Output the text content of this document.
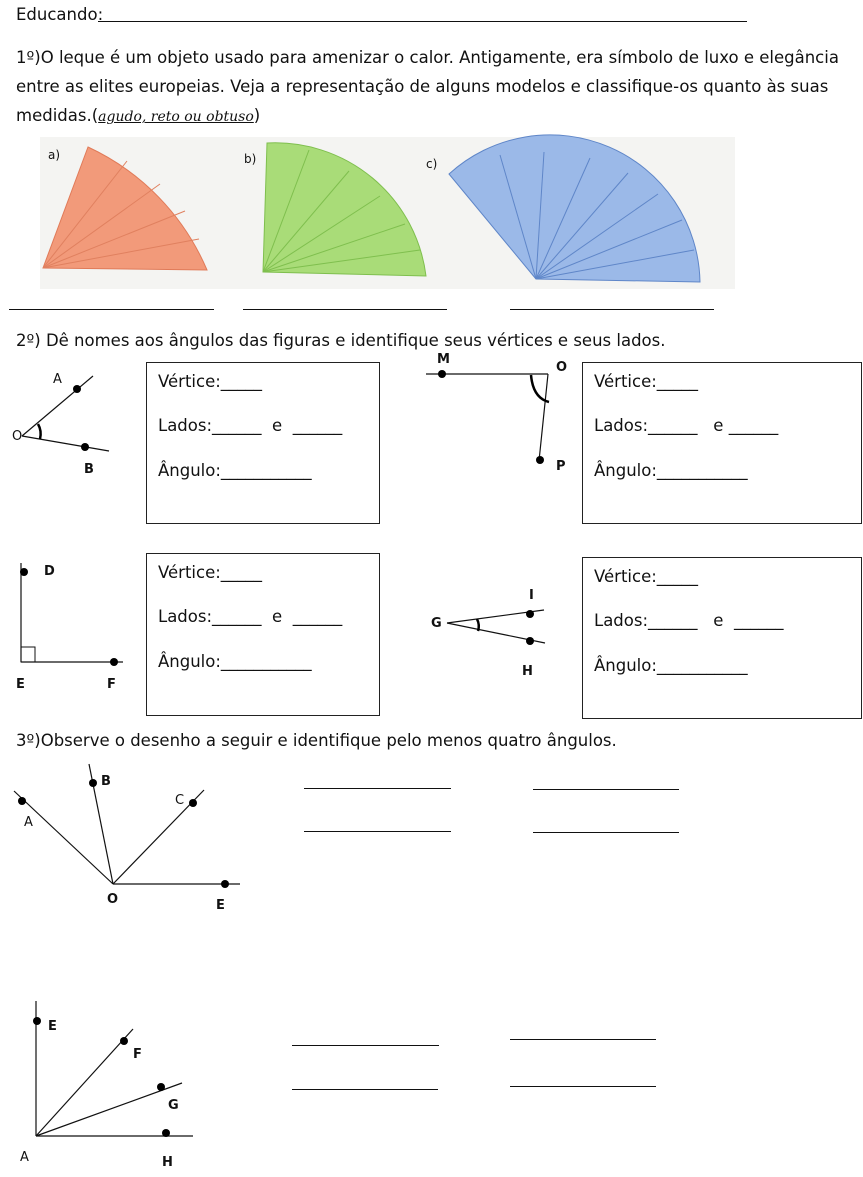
Educando:
1º)O leque é um objeto usado para amenizar o calor. Antigamente, era símbolo de luxo e elegância
entre as elites europeias. Veja a representação de alguns modelos e classifique-os quanto às suas
medidas.(agudo, reto ou obtuso)
a)	b)	c)
2º) Dê nomes aos ângulos das figuras e identifique seus vértices e seus lados.
A
O
B
Vértice:_____
Lados:______ e ______
Ângulo:___________
M
O
P
Vértice:_____
Lados:______ e ______
Ângulo:___________
D
E	F
Vértice:_____
Lados:______ e ______
Ângulo:___________
I
G
H
Vértice:_____
Lados:______ e ______
Ângulo:___________
3º)Observe o desenho a seguir e identifique pelo menos quatro ângulos.
A
B
C
O	E
E
F
G
A	H
